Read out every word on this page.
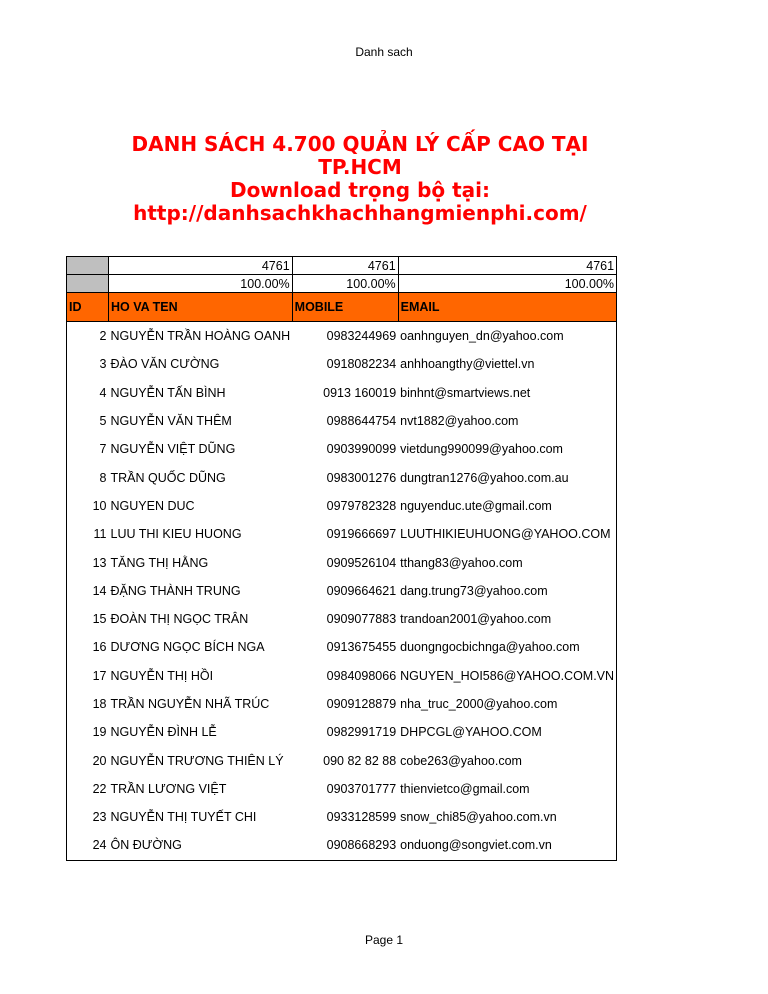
Danh sach
DANH SÁCH 4.700 QUẢN LÝ CẤP CAO TẠI
TP.HCM
Download trọng bộ tại:
http://danhsachkhachhangmienphi.com/
	4761	4761	4761
	100.00%	100.00%	100.00%
ID	HO VA TEN	MOBILE	EMAIL
2	NGUYỄN TRẦN HOÀNG OANH	0983244969	oanhnguyen_dn@yahoo.com
3	ĐÀO VĂN CƯỜNG	0918082234	anhhoangthy@viettel.vn
4	NGUYỄN TẤN BÌNH	0913 160019	binhnt@smartviews.net
5	NGUYỄN VĂN THÊM	0988644754	nvt1882@yahoo.com
7	NGUYỄN VIỆT DŨNG	0903990099	vietdung990099@yahoo.com
8	TRẦN QUỐC DŨNG	0983001276	dungtran1276@yahoo.com.au
10	NGUYEN DUC	0979782328	nguyenduc.ute@gmail.com
11	LUU THI KIEU HUONG	0919666697	LUUTHIKIEUHUONG@YAHOO.COM
13	TĂNG THỊ HẰNG	0909526104	tthang83@yahoo.com
14	ĐẶNG THÀNH TRUNG	0909664621	dang.trung73@yahoo.com
15	ĐOÀN THỊ NGỌC TRÂN	0909077883	trandoan2001@yahoo.com
16	DƯƠNG NGỌC BÍCH NGA	0913675455	duongngocbichnga@yahoo.com
17	NGUYỄN THỊ HỒI	0984098066	NGUYEN_HOI586@YAHOO.COM.VN
18	TRẦN NGUYỄN NHÃ TRÚC	0909128879	nha_truc_2000@yahoo.com
19	NGUYỄN ĐÌNH LỄ	0982991719	DHPCGL@YAHOO.COM
20	NGUYỄN TRƯƠNG THIÊN LÝ	090 82 82 88	cobe263@yahoo.com
22	TRẦN LƯƠNG VIỆT	0903701777	thienvietco@gmail.com
23	NGUYỄN THỊ TUYẾT CHI	0933128599	snow_chi85@yahoo.com.vn
24	ÔN ĐƯỜNG	0908668293	onduong@songviet.com.vn
Page 1
